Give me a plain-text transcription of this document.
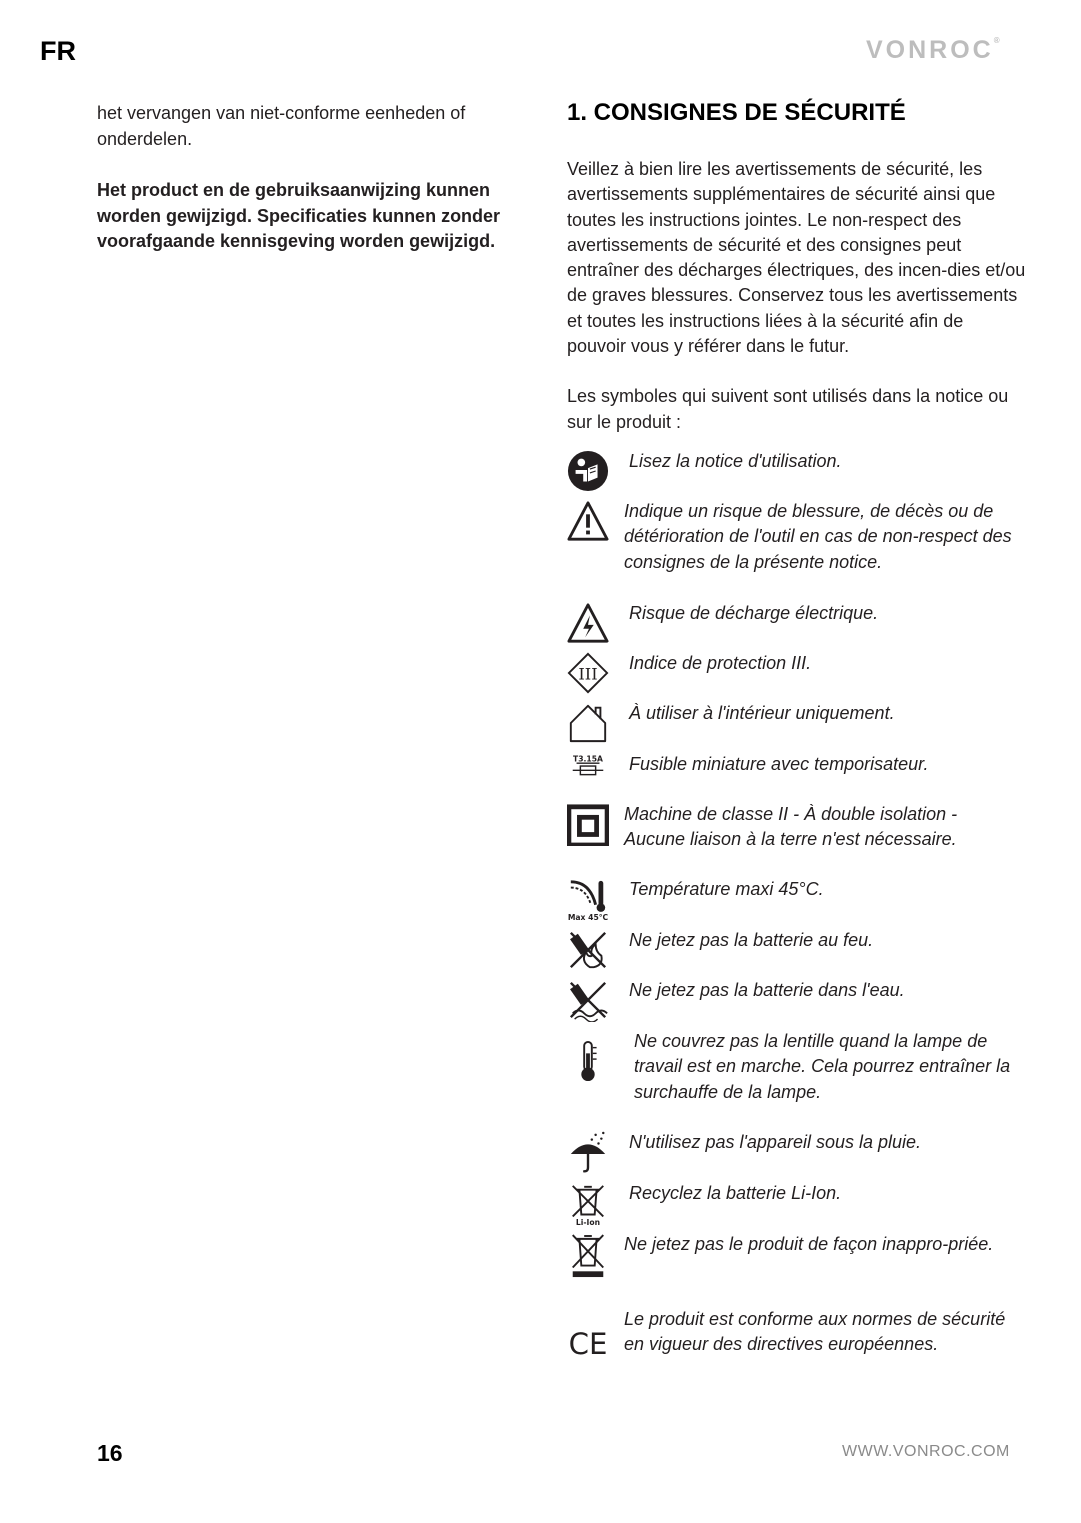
FR	VONROC®

het vervangen van niet-conforme eenheden of onderdelen.

Het product en de gebruiksaanwijzing kunnen worden gewijzigd. Specificaties kunnen zonder voorafgaande kennisgeving worden gewijzigd.

1. CONSIGNES DE SÉCURITÉ

Veillez à bien lire les avertissements de sécurité, les avertissements supplémentaires de sécurité ainsi que toutes les instructions jointes. Le non-respect des avertissements de sécurité et des consignes peut entraîner des décharges électriques, des incen-dies et/ou de graves blessures. Conservez tous les avertissements et toutes les instructions liées à la sécurité afin de pouvoir vous y référer dans le futur.

Les symboles qui suivent sont utilisés dans la notice ou sur le produit :

Lisez la notice d'utilisation.
Indique un risque de blessure, de décès ou de détérioration de l'outil en cas de non-respect des consignes de la présente notice.
Risque de décharge électrique.
III
Indice de protection III.
À utiliser à l'intérieur uniquement.
T3.15A Fusible miniature avec temporisateur.
Machine de classe II - À double isolation - Aucune liaison à la terre n'est nécessaire.
Max 45°C
Température maxi 45°C.
Ne jetez pas la batterie au feu.
Ne jetez pas la batterie dans l'eau.
Ne couvrez pas la lentille quand la lampe de travail est en marche. Cela pourrez entraîner la surchauffe de la lampe.
N'utilisez pas l'appareil sous la pluie.
Li-Ion
Recyclez la batterie Li-Ion.
Ne jetez pas le produit de façon inappro-priée.
CE
Le produit est conforme aux normes de sécurité en vigueur des directives européennes.
16	WWW.VONROC.COM
